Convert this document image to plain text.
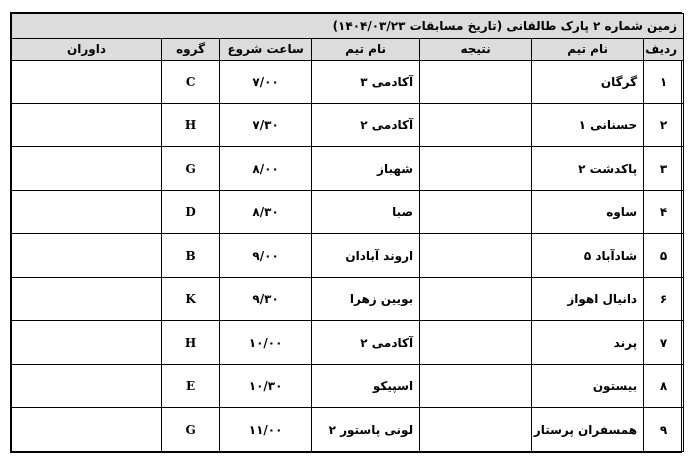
زمین شماره ۲ پارک طالقانی (تاریخ مسابقات ۱۴۰۴/۰۳/۲۳)						
ردیف	نام تیم	نتیجه	نام تیم	ساعت شروع	گروه	داوران
۱	گرگان		آکادمی ۳	۷/۰۰	C	
۲	حسنانی ۱		آکادمی ۲	۷/۳۰	H	
۳	پاکدشت ۲		شهباز	۸/۰۰	G	
۴	ساوه		صبا	۸/۳۰	D	
۵	شادآباد ۵		اروند آبادان	۹/۰۰	B	
۶	دانیال اهواز		بویین زهرا	۹/۳۰	K	
۷	پرند		آکادمی ۲	۱۰/۰۰	H	
۸	بیستون		اسپیکو	۱۰/۳۰	E	
۹	همسفران پرستار		لونی پاستور ۲	۱۱/۰۰	G	
